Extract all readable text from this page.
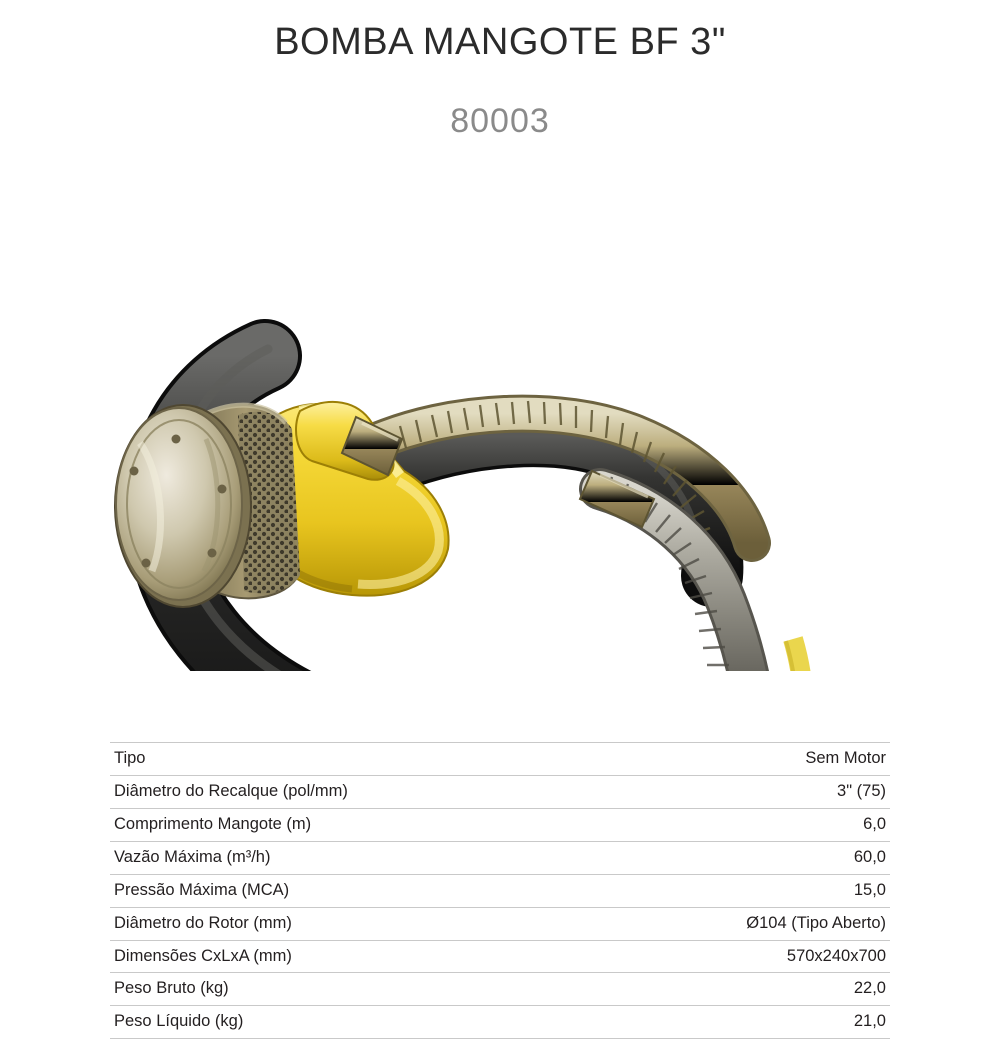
BOMBA MANGOTE BF 3"
80003
Tipo	Sem Motor
Diâmetro do Recalque (pol/mm)	3" (75)
Comprimento Mangote (m)	6,0
Vazão Máxima (m³/h)	60,0
Pressão Máxima (MCA)	15,0
Diâmetro do Rotor (mm)	Ø104 (Tipo Aberto)
Dimensões CxLxA (mm)	570x240x700
Peso Bruto (kg)	22,0
Peso Líquido (kg)	21,0
